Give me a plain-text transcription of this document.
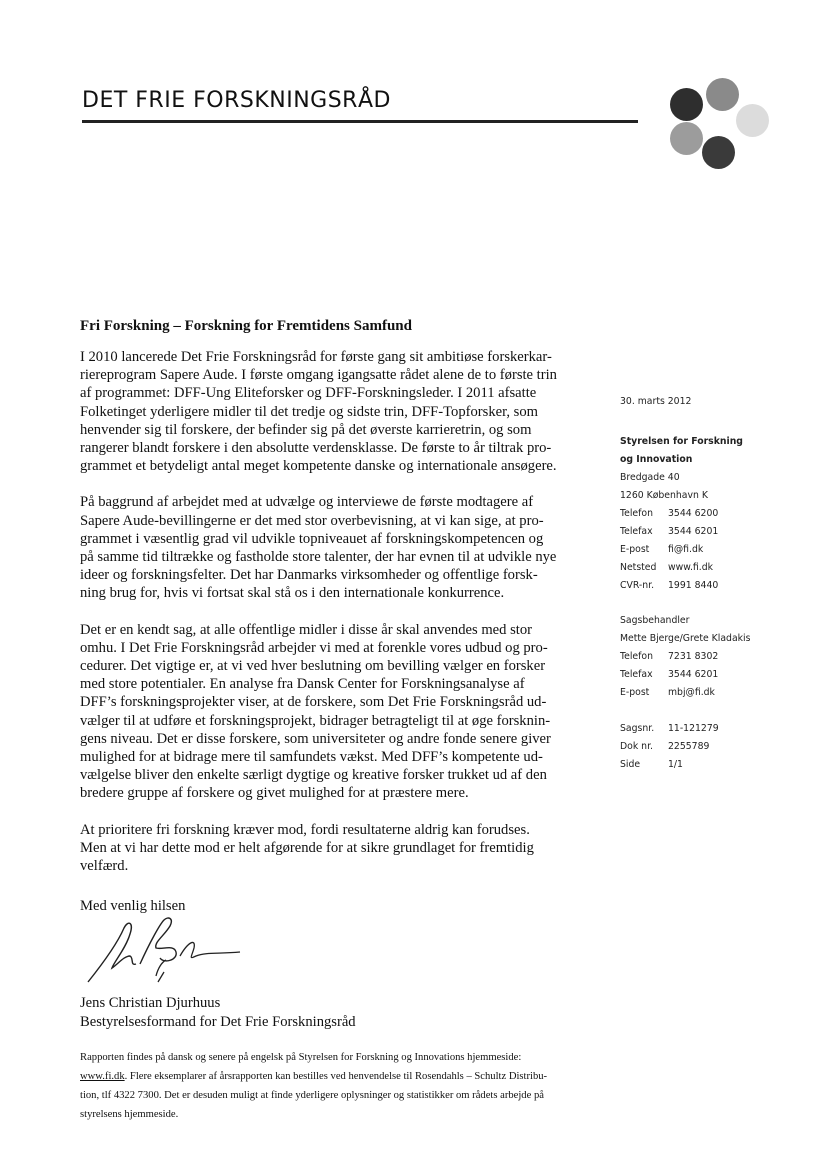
DET FRIE FORSKNINGSRÅD
Fri Forskning – Forskning for Fremtidens Samfund

I 2010 lancerede Det Frie Forskningsråd for første gang sit ambitiøse forskerkar-
riereprogram Sapere Aude. I første omgang igangsatte rådet alene de to første trin
af programmet: DFF-Ung Eliteforsker og DFF-Forskningsleder. I 2011 afsatte
Folketinget yderligere midler til det tredje og sidste trin, DFF-Topforsker, som
henvender sig til forskere, der befinder sig på det øverste karrieretrin, og som
rangerer blandt forskere i den absolutte verdensklasse. De første to år tiltrak pro-
grammet et betydeligt antal meget kompetente danske og internationale ansøgere.

På baggrund af arbejdet med at udvælge og interviewe de første modtagere af
Sapere Aude-bevillingerne er det med stor overbevisning, at vi kan sige, at pro-
grammet i væsentlig grad vil udvikle topniveauet af forskningskompetencen og
på samme tid tiltrække og fastholde store talenter, der har evnen til at udvikle nye
ideer og forskningsfelter. Det har Danmarks virksomheder og offentlige forsk-
ning brug for, hvis vi fortsat skal stå os i den internationale konkurrence.

Det er en kendt sag, at alle offentlige midler i disse år skal anvendes med stor
omhu. I Det Frie Forskningsråd arbejder vi med at forenkle vores udbud og pro-
cedurer. Det vigtige er, at vi ved hver beslutning om bevilling vælger en forsker
med store potentialer. En analyse fra Dansk Center for Forskningsanalyse af
DFF’s forskningsprojekter viser, at de forskere, som Det Frie Forskningsråd ud-
vælger til at udføre et forskningsprojekt, bidrager betragteligt til at øge forsknin-
gens niveau. Det er disse forskere, som universiteter og andre fonde senere giver
mulighed for at bidrage mere til samfundets vækst. Med DFF’s kompetente ud-
vælgelse bliver den enkelte særligt dygtige og kreative forsker trukket ud af den
bredere gruppe af forskere og givet mulighed for at præstere mere.

At prioritere fri forskning kræver mod, fordi resultaterne aldrig kan forudses.
Men at vi har dette mod er helt afgørende for at sikre grundlaget for fremtidig
velfærd.

Med venlig hilsen
Jens Christian Djurhuus
Bestyrelsesformand for Det Frie Forskningsråd
Rapporten findes på dansk og senere på engelsk på Styrelsen for Forskning og Innovations hjemmeside:
www.fi.dk. Flere eksemplarer af årsrapporten kan bestilles ved henvendelse til Rosendahls – Schultz Distribu-
tion, tlf 4322 7300. Det er desuden muligt at finde yderligere oplysninger og statistikker om rådets arbejde på
styrelsens hjemmeside.
30. marts 2012
Styrelsen for Forskning
og Innovation
Bredgade 40
1260 København K
Telefon 3544 6200
Telefax 3544 6201
E-post fi@fi.dk
Netsted www.fi.dk
CVR-nr. 1991 8440
Sagsbehandler
Mette Bjerge/Grete Kladakis
Telefon 7231 8302
Telefax 3544 6201
E-post mbj@fi.dk
Sagsnr. 11-121279
Dok nr. 2255789
Side	1/1
